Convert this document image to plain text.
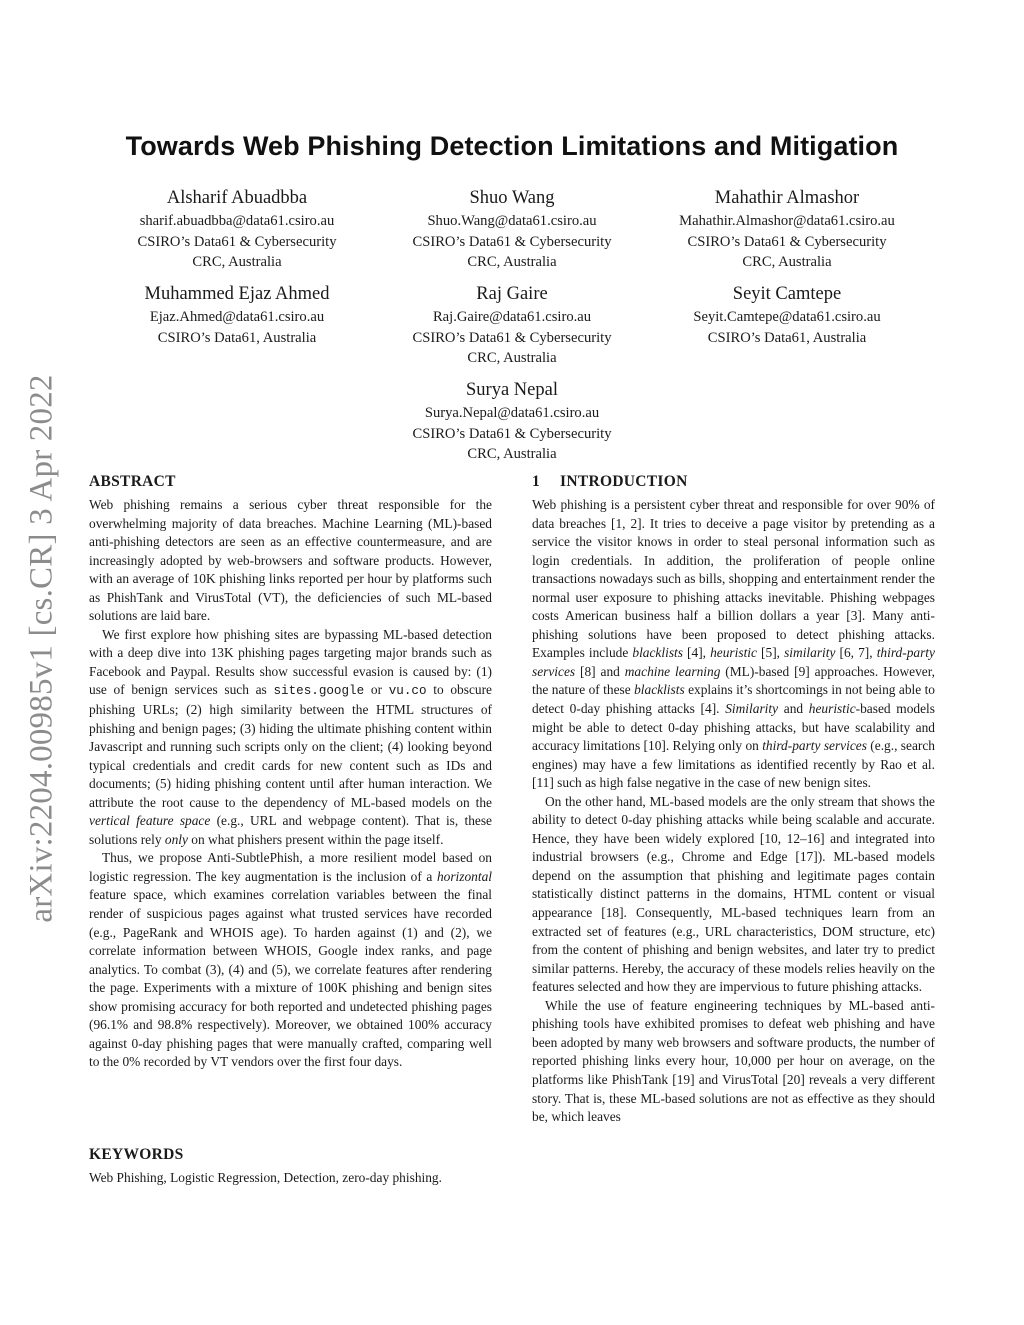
arXiv:2204.00985v1 [cs.CR] 3 Apr 2022
Towards Web Phishing Detection Limitations and Mitigation
Alsharif Abuadbba
sharif.abuadbba@data61.csiro.au
CSIRO’s Data61 & Cybersecurity
CRC, Australia
Shuo Wang
Shuo.Wang@data61.csiro.au
CSIRO’s Data61 & Cybersecurity
CRC, Australia
Mahathir Almashor
Mahathir.Almashor@data61.csiro.au
CSIRO’s Data61 & Cybersecurity
CRC, Australia
Muhammed Ejaz Ahmed
Ejaz.Ahmed@data61.csiro.au
CSIRO’s Data61, Australia
Raj Gaire
Raj.Gaire@data61.csiro.au
CSIRO’s Data61 & Cybersecurity
CRC, Australia
Seyit Camtepe
Seyit.Camtepe@data61.csiro.au
CSIRO’s Data61, Australia
Surya Nepal
Surya.Nepal@data61.csiro.au
CSIRO’s Data61 & Cybersecurity
CRC, Australia
ABSTRACT

Web phishing remains a serious cyber threat responsible for the overwhelming majority of data breaches. Machine Learning (ML)-based anti-phishing detectors are seen as an effective countermeasure, and are increasingly adopted by web-browsers and software products. However, with an average of 10K phishing links reported per hour by platforms such as PhishTank and VirusTotal (VT), the deficiencies of such ML-based solutions are laid bare.

We first explore how phishing sites are bypassing ML-based detection with a deep dive into 13K phishing pages targeting major brands such as Facebook and Paypal. Results show successful evasion is caused by: (1) use of benign services such as sites.google or vu.co to obscure phishing URLs; (2) high similarity between the HTML structures of phishing and benign pages; (3) hiding the ultimate phishing content within Javascript and running such scripts only on the client; (4) looking beyond typical credentials and credit cards for new content such as IDs and documents; (5) hiding phishing content until after human interaction. We attribute the root cause to the dependency of ML-based models on the vertical feature space (e.g., URL and webpage content). That is, these solutions rely only on what phishers present within the page itself.

Thus, we propose Anti-SubtlePhish, a more resilient model based on logistic regression. The key augmentation is the inclusion of a horizontal feature space, which examines correlation variables between the final render of suspicious pages against what trusted services have recorded (e.g., PageRank and WHOIS age). To harden against (1) and (2), we correlate information between WHOIS, Google index ranks, and page analytics. To combat (3), (4) and (5), we correlate features after rendering the page. Experiments with a mixture of 100K phishing and benign sites show promising accuracy for both reported and undetected phishing pages (96.1% and 98.8% respectively). Moreover, we obtained 100% accuracy against 0-day phishing pages that were manually crafted, comparing well to the 0% recorded by VT vendors over the first four days.

KEYWORDS

Web Phishing, Logistic Regression, Detection, zero-day phishing.

1 INTRODUCTION

Web phishing is a persistent cyber threat and responsible for over 90% of data breaches [1, 2]. It tries to deceive a page visitor by pretending as a service the visitor knows in order to steal personal information such as login credentials. In addition, the proliferation of people online transactions nowadays such as bills, shopping and entertainment render the normal user exposure to phishing attacks inevitable. Phishing webpages costs American business half a billion dollars a year [3]. Many anti-phishing solutions have been proposed to detect phishing attacks. Examples include blacklists [4], heuristic [5], similarity [6, 7], third-party services [8] and machine learning (ML)-based [9] approaches. However, the nature of these blacklists explains it’s shortcomings in not being able to detect 0-day phishing attacks [4]. Similarity and heuristic-based models might be able to detect 0-day phishing attacks, but have scalability and accuracy limitations [10]. Relying only on third-party services (e.g., search engines) may have a few limitations as identified recently by Rao et al. [11] such as high false negative in the case of new benign sites.

On the other hand, ML-based models are the only stream that shows the ability to detect 0-day phishing attacks while being scalable and accurate. Hence, they have been widely explored [10, 12–16] and integrated into industrial browsers (e.g., Chrome and Edge [17]). ML-based models depend on the assumption that phishing and legitimate pages contain statistically distinct patterns in the domains, HTML content or visual appearance [18]. Consequently, ML-based techniques learn from an extracted set of features (e.g., URL characteristics, DOM structure, etc) from the content of phishing and benign websites, and later try to predict similar patterns. Hereby, the accuracy of these models relies heavily on the features selected and how they are impervious to future phishing attacks.

While the use of feature engineering techniques by ML-based anti-phishing tools have exhibited promises to defeat web phishing and have been adopted by many web browsers and software products, the number of reported phishing links every hour, 10,000 per hour on average, on the platforms like PhishTank [19] and VirusTotal [20] reveals a very different story. That is, these ML-based solutions are not as effective as they should be, which leaves
